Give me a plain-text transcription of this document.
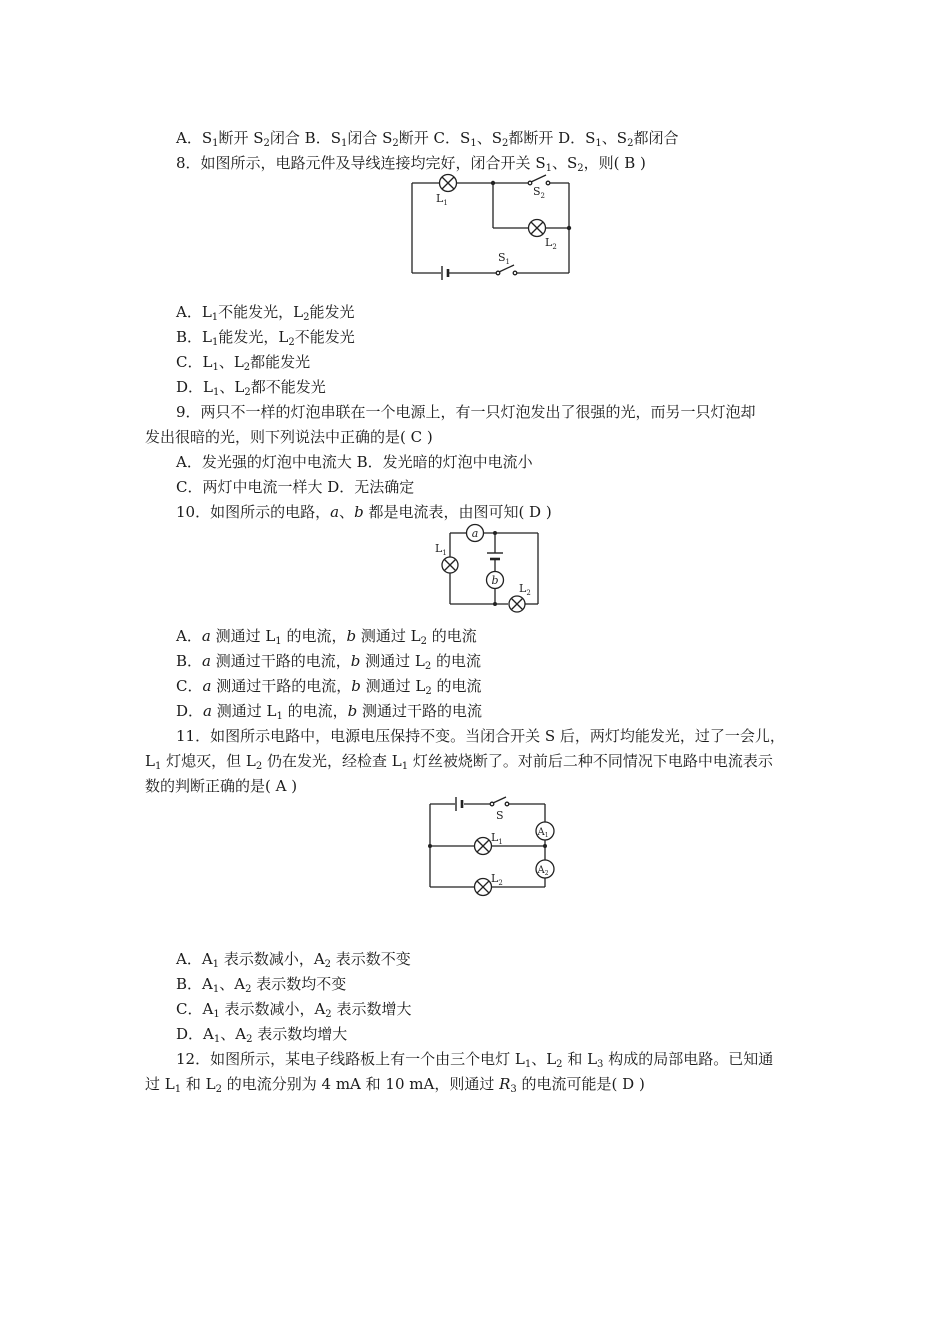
A．$S_1$断开 $S_2$闭合 B．$S_1$闭合 $S_2$断开 C．$S_1$、$S_2$都断开 D．$S_1$、$S_2$都闭合
8．如图所示，电路元件及导线连接均完好，闭合开关 $S_1$、$S_2$，则( B )
$L_1$
$S_2$
$L_2$
$S_1$
A．$L_1$不能发光，$L_2$能发光
B．$L_1$能发光，$L_2$不能发光
C．$L_1$、$L_2$都能发光
D．$L_1$、$L_2$都不能发光
9．两只不一样的灯泡串联在一个电源上，有一只灯泡发出了很强的光，而另一只灯泡却
发出很暗的光，则下列说法中正确的是( C )
A．发光强的灯泡中电流大 B．发光暗的灯泡中电流小
C．两灯中电流一样大 D．无法确定
10．如图所示的电路，a、b 都是电流表，由图可知( D )
a
b
$L_1$
$L_2$
A．a 测通过 $L_1$ 的电流，b 测通过 $L_2$ 的电流
B．a 测通过干路的电流，b 测通过 $L_2$ 的电流
C．a 测通过干路的电流，b 测通过 $L_2$ 的电流
D．a 测通过 $L_1$ 的电流，b 测通过干路的电流
11．如图所示电路中，电源电压保持不变。当闭合开关 S 后，两灯均能发光，过了一会儿，
$L_1$ 灯熄灭，但 $L_2$ 仍在发光，经检查 $L_1$ 灯丝被烧断了。对前后二种不同情况下电路中电流表示
数的判断正确的是( A )
$A_1$
$A_2$
S
$L_1$
$L_2$
A．$A_1$ 表示数减小，$A_2$ 表示数不变
B．$A_1$、$A_2$ 表示数均不变
C．$A_1$ 表示数减小，$A_2$ 表示数增大
D．$A_1$、$A_2$ 表示数均增大
12．如图所示，某电子线路板上有一个由三个电灯 $L_1$、$L_2$ 和 $L_3$ 构成的局部电路。已知通
过 $L_1$ 和 $L_2$ 的电流分别为 4 mA 和 10 mA，则通过 $R_3$ 的电流可能是( D )
